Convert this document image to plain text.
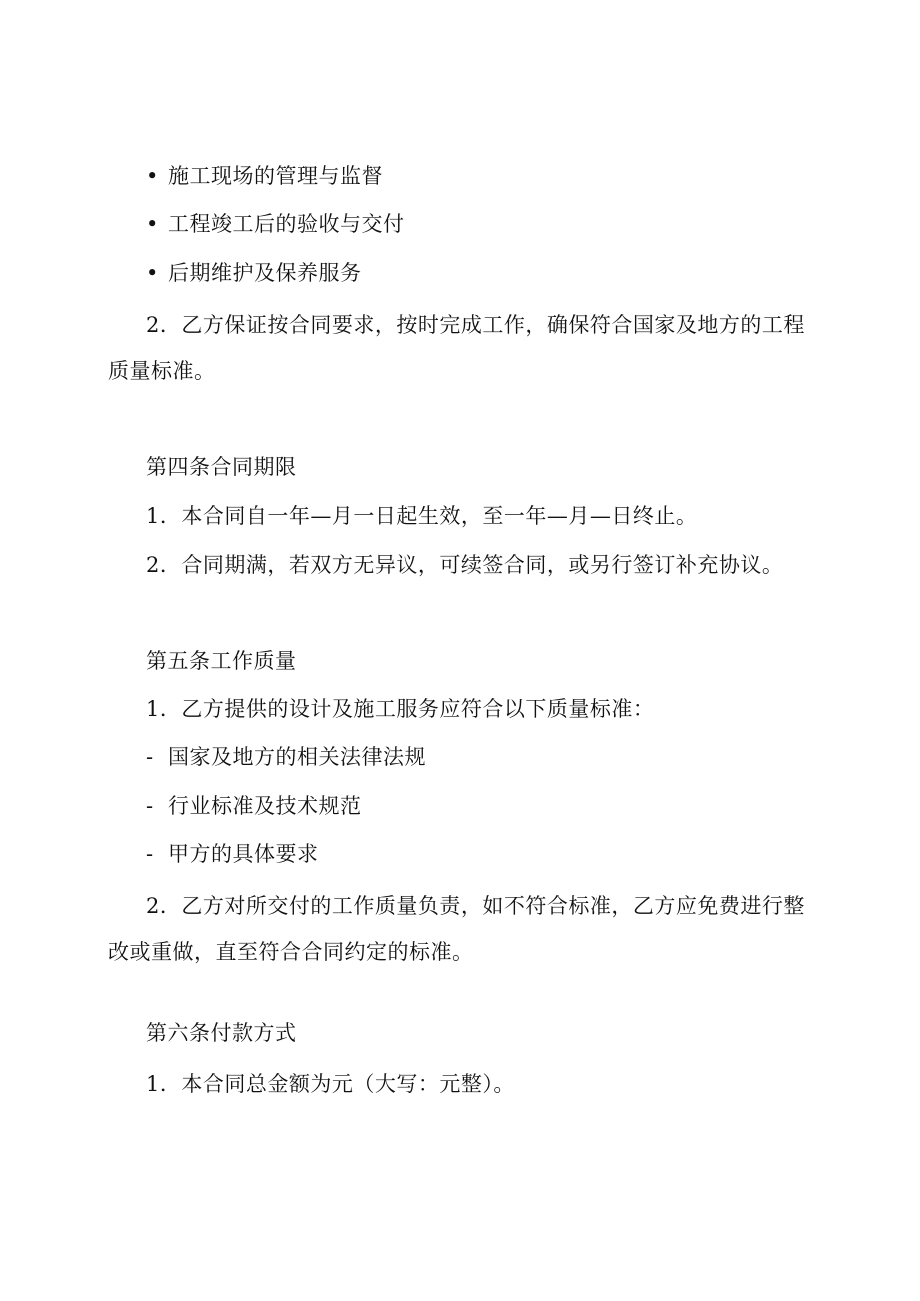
• 施工现场的管理与监督
• 工程竣工后的验收与交付
• 后期维护及保养服务
2．乙方保证按合同要求，按时完成工作，确保符合国家及地方的工程
质量标准。
第四条合同期限
1．本合同自一年—月一日起生效，至一年—月—日终止。
2．合同期满，若双方无异议，可续签合同，或另行签订补充协议。
第五条工作质量
1．乙方提供的设计及施工服务应符合以下质量标准：
- 国家及地方的相关法律法规
- 行业标准及技术规范
- 甲方的具体要求
2．乙方对所交付的工作质量负责，如不符合标准，乙方应免费进行整
改或重做，直至符合合同约定的标准。
第六条付款方式
1．本合同总金额为元（大写：元整）。
